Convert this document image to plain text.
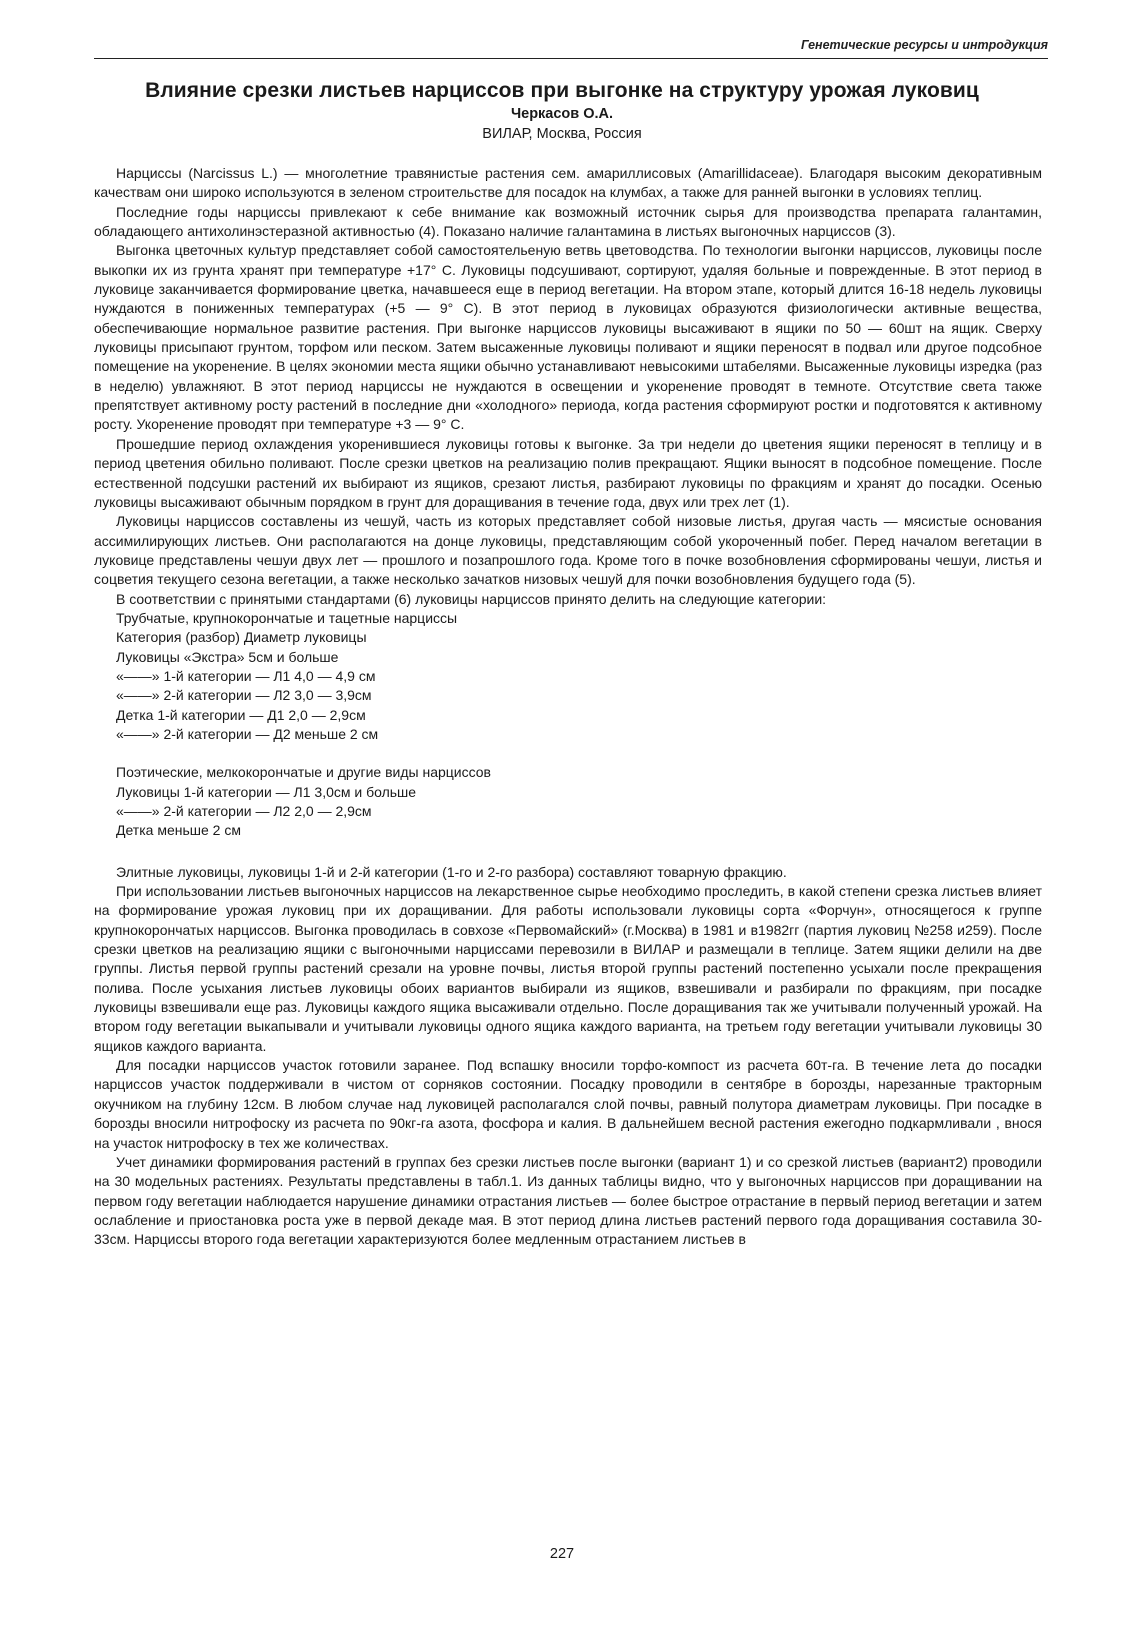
Генетические ресурсы и интродукция
Влияние срезки листьев нарциссов при выгонке на структуру урожая луковиц
Черкасов О.А.
ВИЛАР, Москва, Россия

Нарциссы (Narcissus L.) — многолетние травянистые растения сем. амариллисовых (Amarillidaceae). Благодаря высоким декоративным качествам они широко используются в зеленом строительстве для посадок на клумбах, а также для ранней выгонки в условиях теплиц.

Последние годы нарциссы привлекают к себе внимание как возможный источник сырья для производства препарата галантамин, обладающего антихолинэстеразной активностью (4). Показано наличие галантамина в листьях выгоночных нарциссов (3).

Выгонка цветочных культур представляет собой самостоятельеную ветвь цветоводства. По технологии выгонки нарциссов, луковицы после выкопки их из грунта хранят при температуре +17° С. Луковицы подсушивают, сортируют, удаляя больные и поврежденные. В этот период в луковице заканчивается формирование цветка, начавшееся еще в период вегетации. На втором этапе, который длится 16-18 недель луковицы нуждаются в пониженных температурах (+5 — 9° С). В этот период в луковицах образуются физиологически активные вещества, обеспечивающие нормальное развитие растения. При выгонке нарциссов луковицы высаживают в ящики по 50 — 60шт на ящик. Сверху луковицы присыпают грунтом, торфом или песком. Затем высаженные луковицы поливают и ящики переносят в подвал или другое подсобное помещение на укоренение. В целях экономии места ящики обычно устанавливают невысокими штабелями. Высаженные луковицы изредка (раз в неделю) увлажняют. В этот период нарциссы не нуждаются в освещении и укоренение проводят в темноте. Отсутствие света также препятствует активному росту растений в последние дни «холодного» периода, когда растения сформируют ростки и подготовятся к активному росту. Укоренение проводят при температуре +3 — 9° С.

Прошедшие период охлаждения укоренившиеся луковицы готовы к выгонке. За три недели до цветения ящики переносят в теплицу и в период цветения обильно поливают. После срезки цветков на реализацию полив прекращают. Ящики выносят в подсобное помещение. После естественной подсушки растений их выбирают из ящиков, срезают листья, разбирают луковицы по фракциям и хранят до посадки. Осенью луковицы высаживают обычным порядком в грунт для доращивания в течение года, двух или трех лет (1).

Луковицы нарциссов составлены из чешуй, часть из которых представляет собой низовые листья, другая часть — мясистые основания ассимилирующих листьев. Они располагаются на донце луковицы, представляющим собой укороченный побег. Перед началом вегетации в луковице представлены чешуи двух лет — прошлого и позапрошлого года. Кроме того в почке возобновления сформированы чешуи, листья и соцветия текущего сезона вегетации, а также несколько зачатков низовых чешуй для почки возобновления будущего года (5).

В соответствии с принятыми стандартами (6) луковицы нарциссов принято делить на следующие категории:

Трубчатые, крупнокорончатые и тацетные нарциссы
Категория (разбор) Диаметр луковицы
Луковицы «Экстра» 5см и больше
«——» 1-й категории — Л1 4,0 — 4,9 см
«——» 2-й категории — Л2 3,0 — 3,9см
Детка 1-й категории — Д1 2,0 — 2,9см
«——» 2-й категории — Д2 меньше 2 см
Поэтические, мелкокорончатые и другие виды нарциссов
Луковицы 1-й категории — Л1 3,0см и больше
«——» 2-й категории — Л2 2,0 — 2,9см
Детка меньше 2 см

Элитные луковицы, луковицы 1-й и 2-й категории (1-го и 2-го разбора) составляют товарную фракцию.

При использовании листьев выгоночных нарциссов на лекарственное сырье необходимо проследить, в какой степени срезка листьев влияет на формирование урожая луковиц при их доращивании. Для работы использовали луковицы сорта «Форчун», относящегося к группе крупнокорончатых нарциссов. Выгонка проводилась в совхозе «Первомайский» (г.Москва) в 1981 и в1982гг (партия луковиц №258 и259). После срезки цветков на реализацию ящики с выгоночными нарциссами перевозили в ВИЛАР и размещали в теплице. Затем ящики делили на две группы. Листья первой группы растений срезали на уровне почвы, листья второй группы растений постепенно усыхали после прекращения полива. После усыхания листьев луковицы обоих вариантов выбирали из ящиков, взвешивали и разбирали по фракциям, при посадке луковицы взвешивали еще раз. Луковицы каждого ящика высаживали отдельно. После доращивания так же учитывали полученный урожай. На втором году вегетации выкапывали и учитывали луковицы одного ящика каждого варианта, на третьем году вегетации учитывали луковицы 30 ящиков каждого варианта.

Для посадки нарциссов участок готовили заранее. Под вспашку вносили торфо-компост из расчета 60т-га. В течение лета до посадки нарциссов участок поддерживали в чистом от сорняков состоянии. Посадку проводили в сентябре в борозды, нарезанные тракторным окучником на глубину 12см. В любом случае над луковицей располагался слой почвы, равный полутора диаметрам луковицы. При посадке в борозды вносили нитрофоску из расчета по 90кг-га азота, фосфора и калия. В дальнейшем весной растения ежегодно подкармливали , внося на участок нитрофоску в тех же количествах.

Учет динамики формирования растений в группах без срезки листьев после выгонки (вариант 1) и со срезкой листьев (вариант2) проводили на 30 модельных растениях. Результаты представлены в табл.1. Из данных таблицы видно, что у выгоночных нарциссов при доращивании на первом году вегетации наблюдается нарушение динамики отрастания листьев — более быстрое отрастание в первый период вегетации и затем ослабление и приостановка роста уже в первой декаде мая. В этот период длина листьев растений первого года доращивания составила 30-33см. Нарциссы второго года вегетации характеризуются более медленным отрастанием листьев в

227
